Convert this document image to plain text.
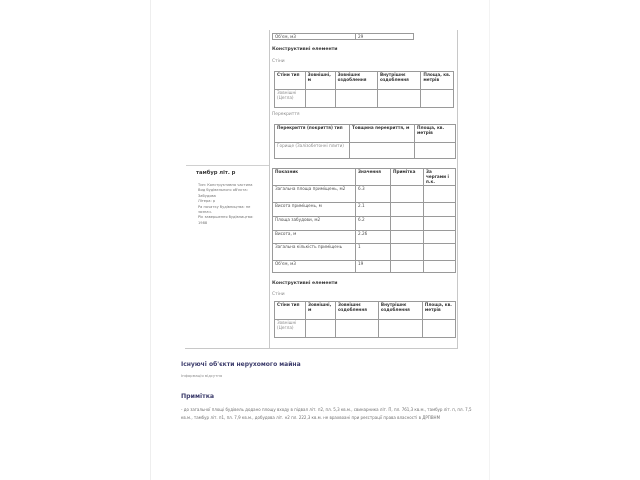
Об'єм, м3	29
Конструктивні елементи
Стіни
Стіни тип	Зовнішні, м	Зовнішнє оздоблення	Внутрішнє оздоблення	Площа, кв. метрів
Зовнішні (Цегла)				
Перекриття
Перекриття (покриття) тип	Товщина перекриття, м	Площа, кв. метрів
Горище (Залізобетонні плити)		
тамбур літ. р
Тип: Конструктивна частина
Вид будівельного об'єкта:
Забудова
Літера: р
Ра початку будівництва: не
зазнач.
Рік завершення будівництва:
1988
Показник	Значення	Примітка	За чергами і п.к.
Загальна площа приміщень, м2	6.3		
Висота приміщень, м	2.1		
Площа забудови, м2	6.2		
Висота, м	2.26		
Загальна кількість приміщень	1		
Об'єм, м3	19		
Конструктивні елементи
Стіни
Стіни тип	Зовнішні, м	Зовнішнє оздоблення	Внутрішнє оздоблення	Площа, кв. метрів
Зовнішні (Цегла)				
Існуючі об'єкти нерухомого майна
Інформація відсутня
Примітка
- до загальної площі будівель додано площу входу в підвал літ. п2, пл. 5,3 кв.м., свинарника літ. П, пл. 761,3 кв.м., тамбур літ. п, пл. 7,5 кв.м., тамбур літ. п1, пл. 7,9 кв.м., добудова літ. н2 пл. 222,3 кв.м. не врахвоані при реєстрації права власності в ДРПВНМ
